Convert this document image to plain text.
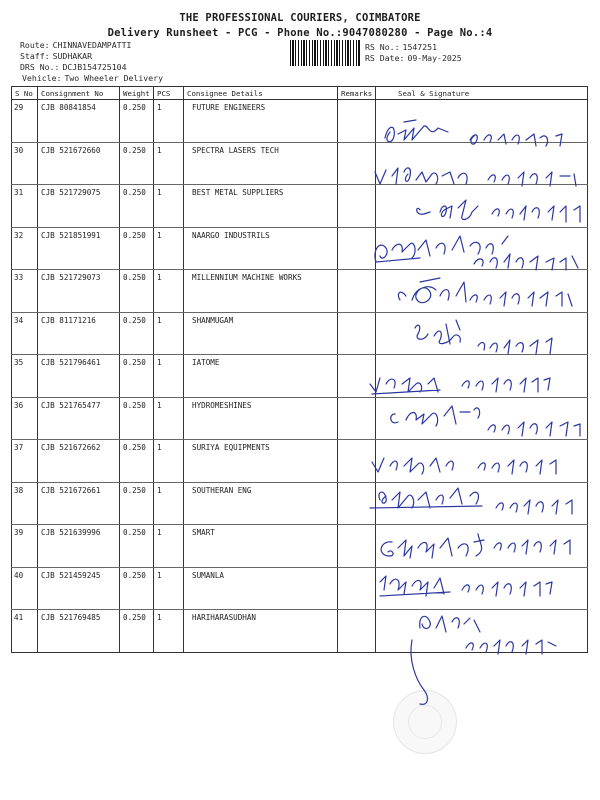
THE PROFESSIONAL COURIERS, COIMBATORE
Delivery Runsheet - PCG - Phone No.:9047080280 - Page No.:4
Route: CHINNAVEDAMPATTI
Staff: SUDHAKAR
DRS No.: DCJB154725104
Vehicle: Two Wheeler Delivery
RS No.: 1547251
RS Date: 09-May-2025
S No	Consignment No	Weight	PCS	Consignee Details	Remarks	Seal & Signature
29	CJB 80841854	0.250	1	FUTURE ENGINEERS		
30	CJB 521672660	0.250	1	SPECTRA LASERS TECH		
31	CJB 521729075	0.250	1	BEST METAL SUPPLIERS		
32	CJB 521851991	0.250	1	NAARGO INDUSTRILS		
33	CJB 521729073	0.250	1	MILLENNIUM MACHINE WORKS		
34	CJB 81171216	0.250	1	SHANMUGAM		
35	CJB 521796461	0.250	1	IATOME		
36	CJB 521765477	0.250	1	HYDROMESHINES		
37	CJB 521672662	0.250	1	SURIYA EQUIPMENTS		
38	CJB 521672661	0.250	1	SOUTHERAN ENG		
39	CJB 521639996	0.250	1	SMART		
40	CJB 521459245	0.250	1	SUMANLA		
41	CJB 521769485	0.250	1	HARIHARASUDHAN		
